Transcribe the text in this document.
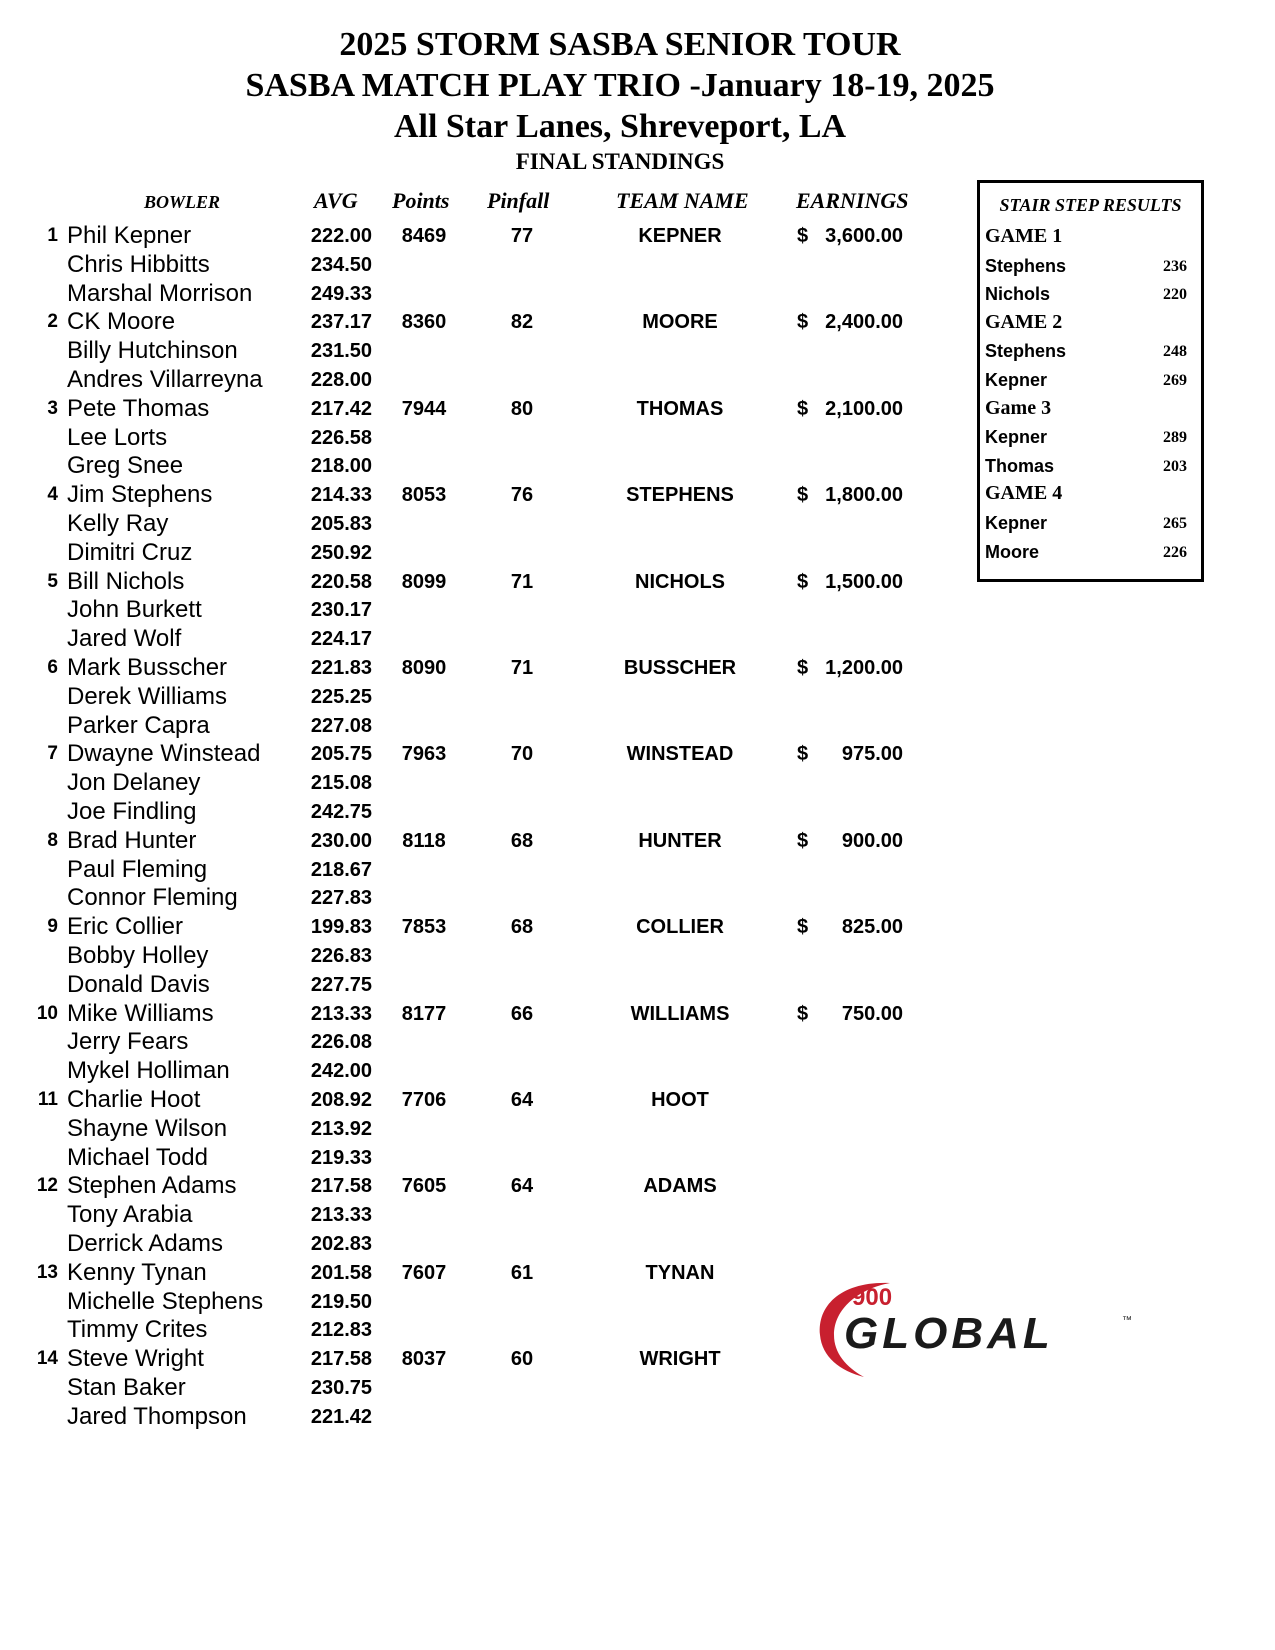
2025 STORM SASBA SENIOR TOUR
SASBA MATCH PLAY TRIO -January 18-19, 2025
All Star Lanes, Shreveport, LA
FINAL STANDINGS
BOWLER	AVG Points Pinfall	TEAM NAME EARNINGS
1 Phil Kepner	222.00 8469	77	KEPNER	$ 3,600.00
Chris Hibbitts	234.50
Marshal Morrison	249.33
2 CK Moore	237.17 8360	82	MOORE	$ 2,400.00
Billy Hutchinson	231.50
Andres Villarreyna	228.00
3 Pete Thomas	217.42 7944	80	THOMAS	$ 2,100.00
Lee Lorts	226.58
Greg Snee	218.00
4 Jim Stephens	214.33 8053	76	STEPHENS	$ 1,800.00
Kelly Ray	205.83
Dimitri Cruz	250.92
5 Bill Nichols	220.58 8099	71	NICHOLS	$ 1,500.00
John Burkett	230.17
Jared Wolf	224.17
6 Mark Busscher	221.83 8090	71	BUSSCHER	$ 1,200.00
Derek Williams	225.25
Parker Capra	227.08
7 Dwayne Winstead	205.75 7963	70	WINSTEAD	$	975.00
Jon Delaney	215.08
Joe Findling	242.75
8 Brad Hunter	230.00	8118	68	HUNTER	$	900.00
Paul Fleming	218.67
Connor Fleming	227.83
9 Eric Collier	199.83 7853	68	COLLIER	$	825.00
Bobby Holley	226.83
Donald Davis	227.75
10 Mike Williams	213.33 8177	66	WILLIAMS	$	750.00
Jerry Fears	226.08
Mykel Holliman	242.00
11 Charlie Hoot	208.92 7706	64	HOOT
Shayne Wilson	213.92
Michael Todd	219.33
12 Stephen Adams	217.58 7605	64	ADAMS
Tony Arabia	213.33
Derrick Adams	202.83
13 Kenny Tynan	201.58 7607	61	TYNAN
Michelle Stephens	219.50
Timmy Crites	212.83
14 Steve Wright	217.58 8037	60	WRIGHT
Stan Baker	230.75
Jared Thompson	221.42
STAIR STEP RESULTS
GAME 1
Stephens	236
Nichols	220
GAME 2
Stephens	248
Kepner	269
Game 3
Kepner	289
Thomas	203
GAME 4
Kepner	265
Moore	226
900
GLOBAL	™
